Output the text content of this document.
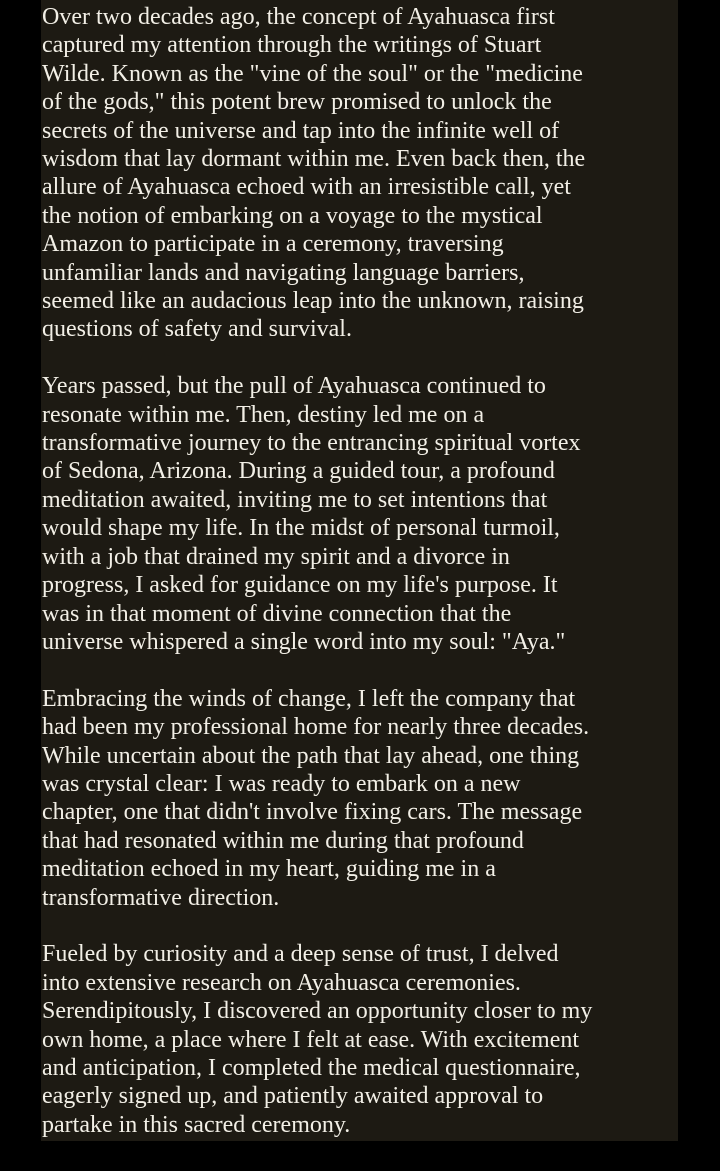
Over two decades ago, the concept of Ayahuasca first
captured my attention through the writings of Stuart
Wilde. Known as the "vine of the soul" or the "medicine
of the gods," this potent brew promised to unlock the
secrets of the universe and tap into the infinite well of
wisdom that lay dormant within me. Even back then, the
allure of Ayahuasca echoed with an irresistible call, yet
the notion of embarking on a voyage to the mystical
Amazon to participate in a ceremony, traversing
unfamiliar lands and navigating language barriers,
seemed like an audacious leap into the unknown, raising
questions of safety and survival.

Years passed, but the pull of Ayahuasca continued to
resonate within me. Then, destiny led me on a
transformative journey to the entrancing spiritual vortex
of Sedona, Arizona. During a guided tour, a profound
meditation awaited, inviting me to set intentions that
would shape my life. In the midst of personal turmoil,
with a job that drained my spirit and a divorce in
progress, I asked for guidance on my life's purpose. It
was in that moment of divine connection that the
universe whispered a single word into my soul: "Aya."

Embracing the winds of change, I left the company that
had been my professional home for nearly three decades.
While uncertain about the path that lay ahead, one thing
was crystal clear: I was ready to embark on a new
chapter, one that didn't involve fixing cars. The message
that had resonated within me during that profound
meditation echoed in my heart, guiding me in a
transformative direction.

Fueled by curiosity and a deep sense of trust, I delved
into extensive research on Ayahuasca ceremonies.
Serendipitously, I discovered an opportunity closer to my
own home, a place where I felt at ease. With excitement
and anticipation, I completed the medical questionnaire,
eagerly signed up, and patiently awaited approval to
partake in this sacred ceremony.
